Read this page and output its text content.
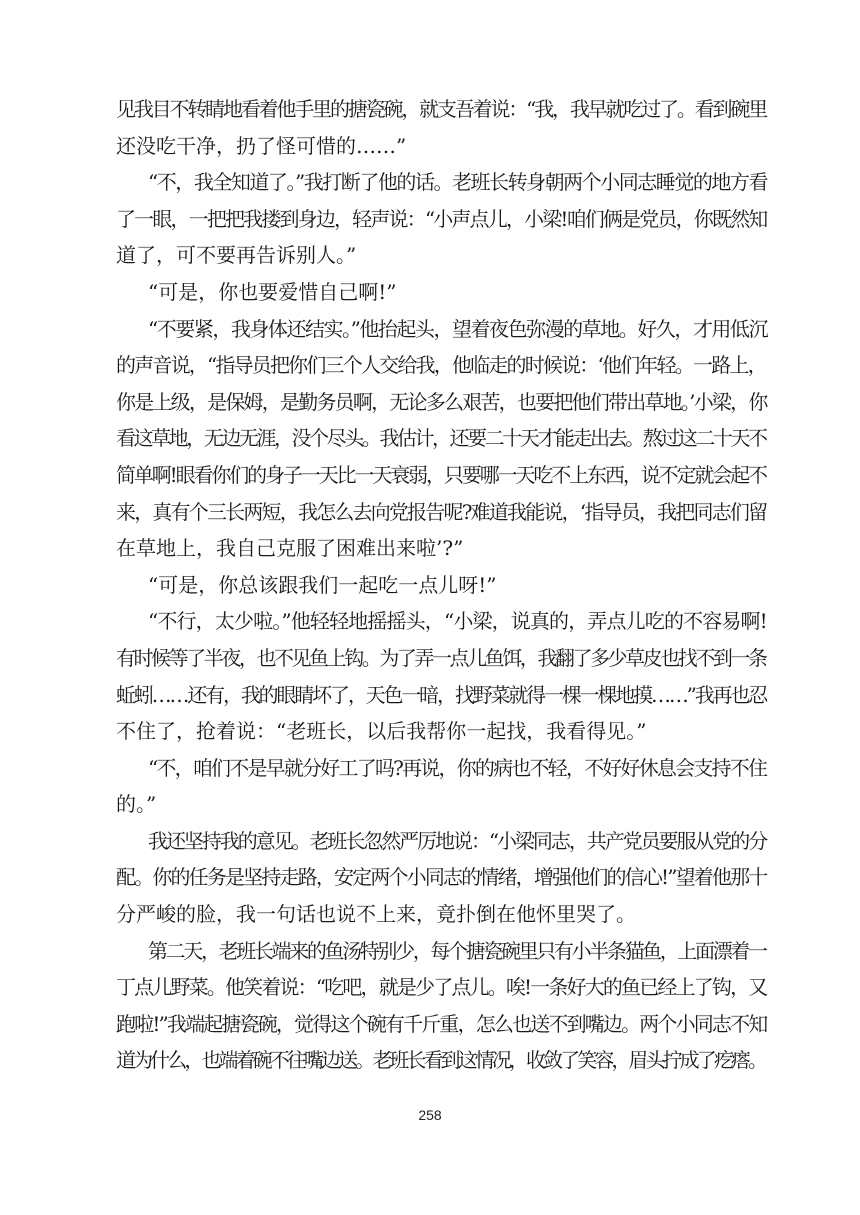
见我目不转睛地看着他手里的搪瓷碗，就支吾着说：“我，我早就吃过了。看到碗里
还没吃干净，扔了怪可惜的……”
“不，我全知道了。”我打断了他的话。老班长转身朝两个小同志睡觉的地方看
了一眼，一把把我搂到身边，轻声说：“小声点儿，小梁!咱们俩是党员，你既然知
道了，可不要再告诉别人。”
“可是，你也要爱惜自己啊!”
“不要紧，我身体还结实。”他抬起头，望着夜色弥漫的草地。好久，才用低沉
的声音说，“指导员把你们三个人交给我，他临走的时候说：‘他们年轻。一路上，
你是上级，是保姆，是勤务员啊，无论多么艰苦，也要把他们带出草地。’小梁，你
看这草地，无边无涯，没个尽头。我估计，还要二十天才能走出去。熬过这二十天不
简单啊!眼看你们的身子一天比一天衰弱，只要哪一天吃不上东西，说不定就会起不
来，真有个三长两短，我怎么去向党报告呢?难道我能说，‘指导员，我把同志们留
在草地上，我自己克服了困难出来啦’?”
“可是，你总该跟我们一起吃一点儿呀!”
“不行，太少啦。”他轻轻地摇摇头，“小梁，说真的，弄点儿吃的不容易啊!
有时候等了半夜，也不见鱼上钩。为了弄一点儿鱼饵，我翻了多少草皮也找不到一条
蚯蚓……还有，我的眼睛坏了，天色一暗，找野菜就得一棵一棵地摸……”我再也忍
不住了，抢着说：“老班长，以后我帮你一起找，我看得见。”
“不，咱们不是早就分好工了吗?再说，你的病也不轻，不好好休息会支持不住
的。”
我还坚持我的意见。老班长忽然严厉地说：“小梁同志，共产党员要服从党的分
配。你的任务是坚持走路，安定两个小同志的情绪，增强他们的信心!”望着他那十
分严峻的脸，我一句话也说不上来，竟扑倒在他怀里哭了。
第二天，老班长端来的鱼汤特别少，每个搪瓷碗里只有小半条猫鱼，上面漂着一
丁点儿野菜。他笑着说：“吃吧，就是少了点儿。唉!一条好大的鱼已经上了钩，又
跑啦!”我端起搪瓷碗，觉得这个碗有千斤重，怎么也送不到嘴边。两个小同志不知
道为什么，也端着碗不往嘴边送。老班长看到这情况，收敛了笑容，眉头拧成了疙瘩。
258
